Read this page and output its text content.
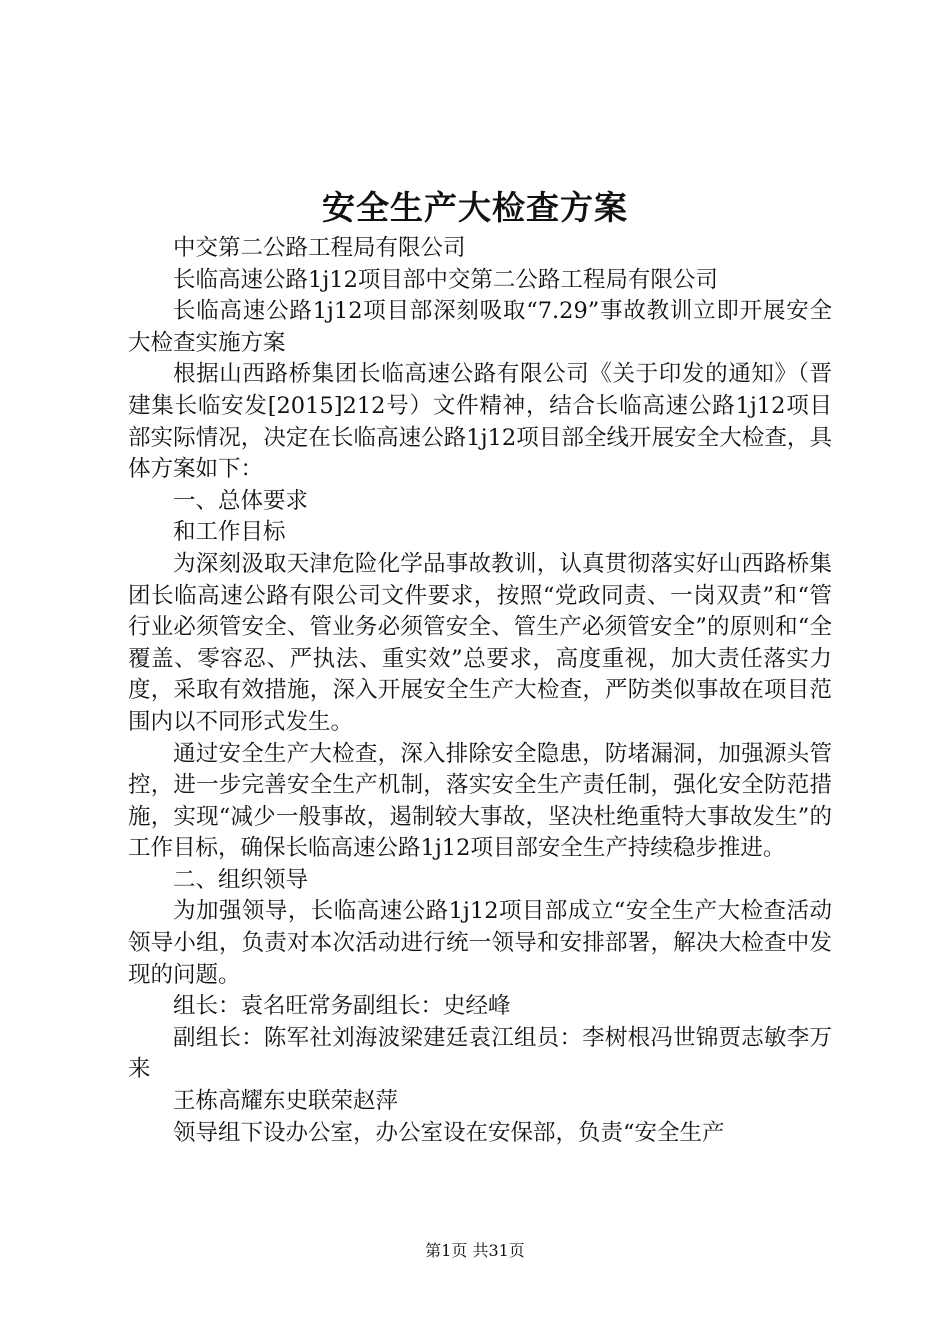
安全生产大检查方案

中交第二公路工程局有限公司

长临高速公路1j12项目部中交第二公路工程局有限公司

长临高速公路1j12项目部深刻吸取“7.29”事故教训立即开展安全大检查实施方案

根据山西路桥集团长临高速公路有限公司《关于印发的通知》（晋建集长临安发[2015]212号）文件精神，结合长临高速公路1j12项目部实际情况，决定在长临高速公路1j12项目部全线开展安全大检查，具体方案如下：

一、总体要求

和工作目标

为深刻汲取天津危险化学品事故教训，认真贯彻落实好山西路桥集团长临高速公路有限公司文件要求，按照“党政同责、一岗双责”和“管行业必须管安全、管业务必须管安全、管生产必须管安全”的原则和“全覆盖、零容忍、严执法、重实效”总要求，高度重视，加大责任落实力度，采取有效措施，深入开展安全生产大检查，严防类似事故在项目范围内以不同形式发生。

通过安全生产大检查，深入排除安全隐患，防堵漏洞，加强源头管控，进一步完善安全生产机制，落实安全生产责任制，强化安全防范措施，实现“减少一般事故，遏制较大事故，坚决杜绝重特大事故发生”的工作目标，确保长临高速公路1j12项目部安全生产持续稳步推进。

二、组织领导

为加强领导，长临高速公路1j12项目部成立“安全生产大检查活动领导小组，负责对本次活动进行统一领导和安排部署，解决大检查中发现的问题。

组长：袁名旺常务副组长：史经峰

副组长：陈军社刘海波梁建廷袁江组员：李树根冯世锦贾志敏李万来

王栋高耀东史联荣赵萍

领导组下设办公室，办公室设在安保部，负责“安全生产

第1页 共31页
